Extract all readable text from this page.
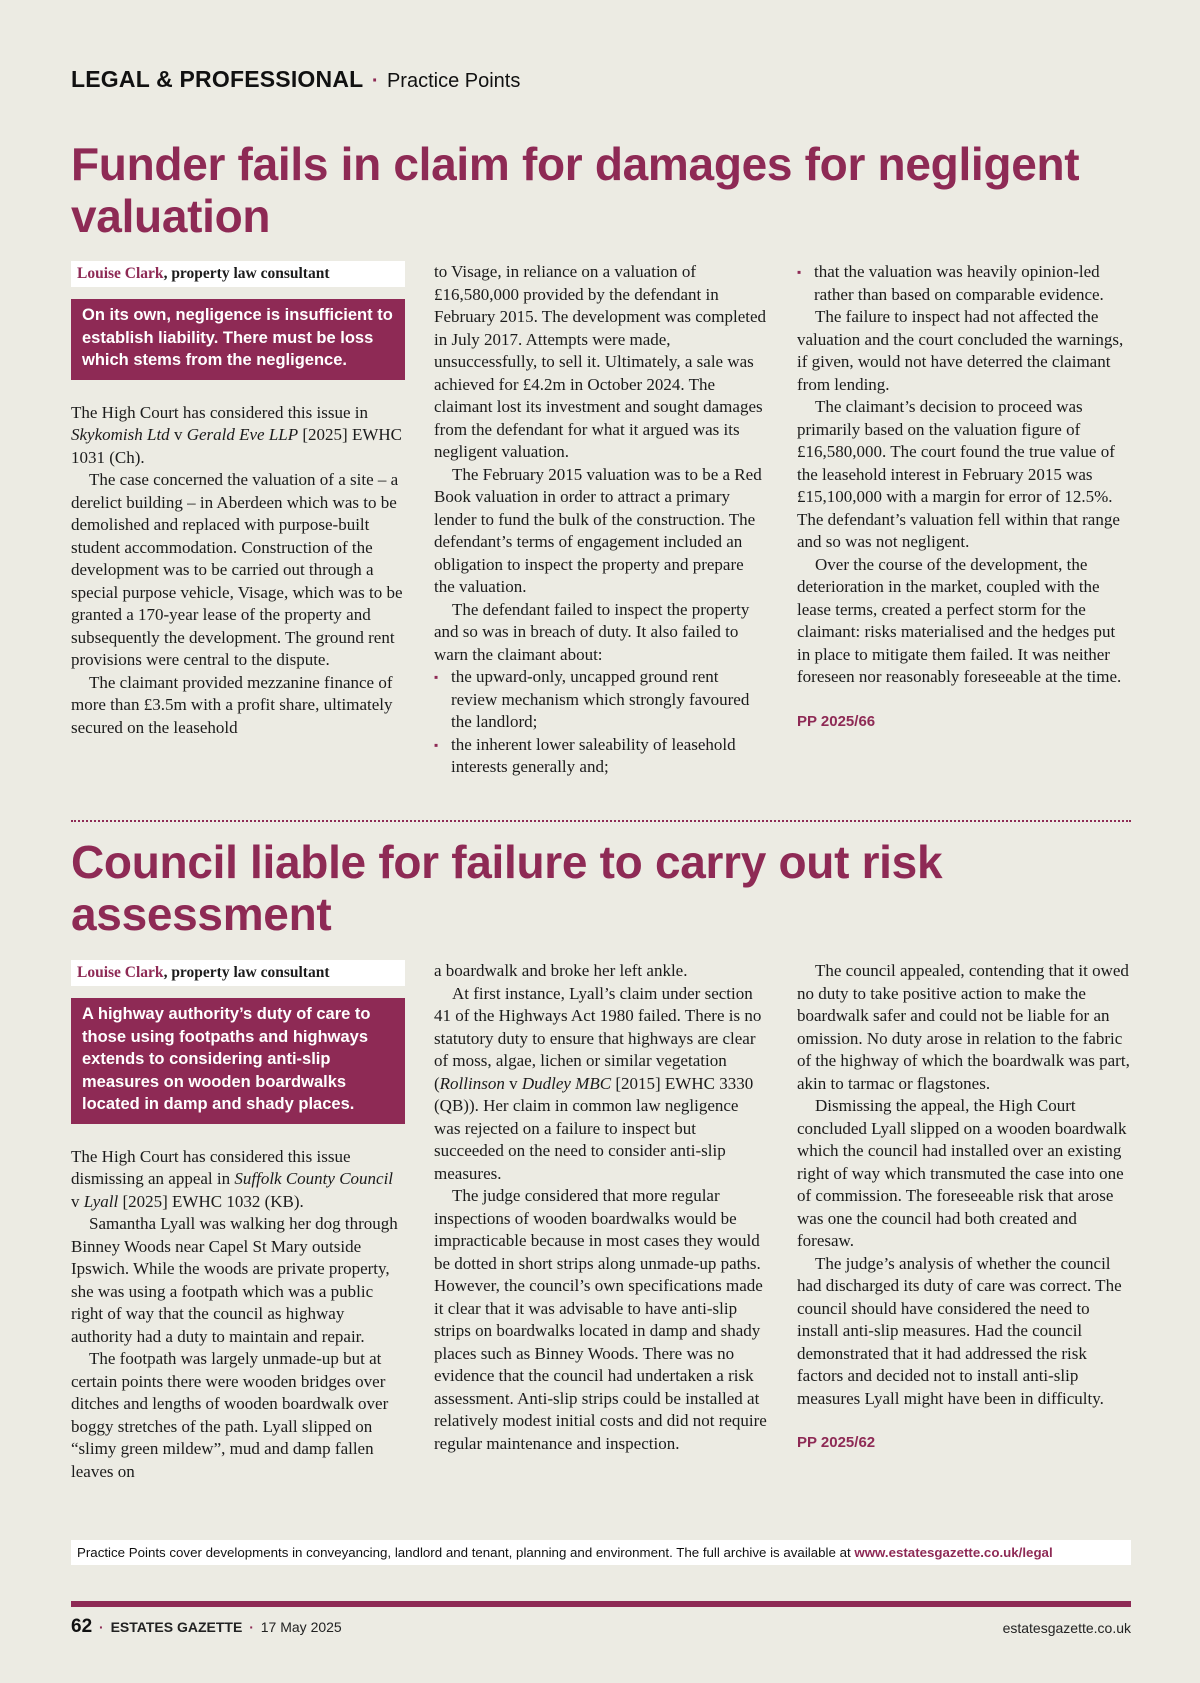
LEGAL & PROFESSIONAL · Practice Points
Funder fails in claim for damages for negligent valuation
Louise Clark, property law consultant
On its own, negligence is insufficient to establish liability. There must be loss which stems from the negligence.

The High Court has considered this issue in Skykomish Ltd v Gerald Eve LLP [2025] EWHC 1031 (Ch).

The case concerned the valuation of a site – a derelict building – in Aberdeen which was to be demolished and replaced with purpose-built student accommodation. Construction of the development was to be carried out through a special purpose vehicle, Visage, which was to be granted a 170-year lease of the property and subsequently the development. The ground rent provisions were central to the dispute.

The claimant provided mezzanine finance of more than £3.5m with a profit share, ultimately secured on the leasehold

to Visage, in reliance on a valuation of £16,580,000 provided by the defendant in February 2015. The development was completed in July 2017. Attempts were made, unsuccessfully, to sell it. Ultimately, a sale was achieved for £4.2m in October 2024. The claimant lost its investment and sought damages from the defendant for what it argued was its negligent valuation.

The February 2015 valuation was to be a Red Book valuation in order to attract a primary lender to fund the bulk of the construction. The defendant’s terms of engagement included an obligation to inspect the property and prepare the valuation.

The defendant failed to inspect the property and so was in breach of duty. It also failed to warn the claimant about:

▪ the upward-only, uncapped ground rent review mechanism which strongly favoured the landlord;
▪ the inherent lower saleability of leasehold interests generally and;
▪ that the valuation was heavily opinion-led rather than based on comparable evidence.

The failure to inspect had not affected the valuation and the court concluded the warnings, if given, would not have deterred the claimant from lending.

The claimant’s decision to proceed was primarily based on the valuation figure of £16,580,000. The court found the true value of the leasehold interest in February 2015 was £15,100,000 with a margin for error of 12.5%. The defendant’s valuation fell within that range and so was not negligent.

Over the course of the development, the deterioration in the market, coupled with the lease terms, created a perfect storm for the claimant: risks materialised and the hedges put in place to mitigate them failed. It was neither foreseen nor reasonably foreseeable at the time.

PP 2025/66
Council liable for failure to carry out risk assessment
Louise Clark, property law consultant
A highway authority’s duty of care to those using footpaths and highways extends to considering anti-slip measures on wooden boardwalks located in damp and shady places.

The High Court has considered this issue dismissing an appeal in Suffolk County Council v Lyall [2025] EWHC 1032 (KB).

Samantha Lyall was walking her dog through Binney Woods near Capel St Mary outside Ipswich. While the woods are private property, she was using a footpath which was a public right of way that the council as highway authority had a duty to maintain and repair.

The footpath was largely unmade-up but at certain points there were wooden bridges over ditches and lengths of wooden boardwalk over boggy stretches of the path. Lyall slipped on “slimy green mildew”, mud and damp fallen leaves on

a boardwalk and broke her left ankle.

At first instance, Lyall’s claim under section 41 of the Highways Act 1980 failed. There is no statutory duty to ensure that highways are clear of moss, algae, lichen or similar vegetation (Rollinson v Dudley MBC [2015] EWHC 3330 (QB)). Her claim in common law negligence was rejected on a failure to inspect but succeeded on the need to consider anti-slip measures.

The judge considered that more regular inspections of wooden boardwalks would be impracticable because in most cases they would be dotted in short strips along unmade-up paths. However, the council’s own specifications made it clear that it was advisable to have anti-slip strips on boardwalks located in damp and shady places such as Binney Woods. There was no evidence that the council had undertaken a risk assessment. Anti-slip strips could be installed at relatively modest initial costs and did not require regular maintenance and inspection.

The council appealed, contending that it owed no duty to take positive action to make the boardwalk safer and could not be liable for an omission. No duty arose in relation to the fabric of the highway of which the boardwalk was part, akin to tarmac or flagstones.

Dismissing the appeal, the High Court concluded Lyall slipped on a wooden boardwalk which the council had installed over an existing right of way which transmuted the case into one of commission. The foreseeable risk that arose was one the council had both created and foresaw.

The judge’s analysis of whether the council had discharged its duty of care was correct. The council should have considered the need to install anti-slip measures. Had the council demonstrated that it had addressed the risk factors and decided not to install anti-slip measures Lyall might have been in difficulty.

PP 2025/62
Practice Points cover developments in conveyancing, landlord and tenant, planning and environment. The full archive is available at www.estatesgazette.co.uk/legal
62 · ESTATES GAZETTE · 17 May 2025	estatesgazette.co.uk
